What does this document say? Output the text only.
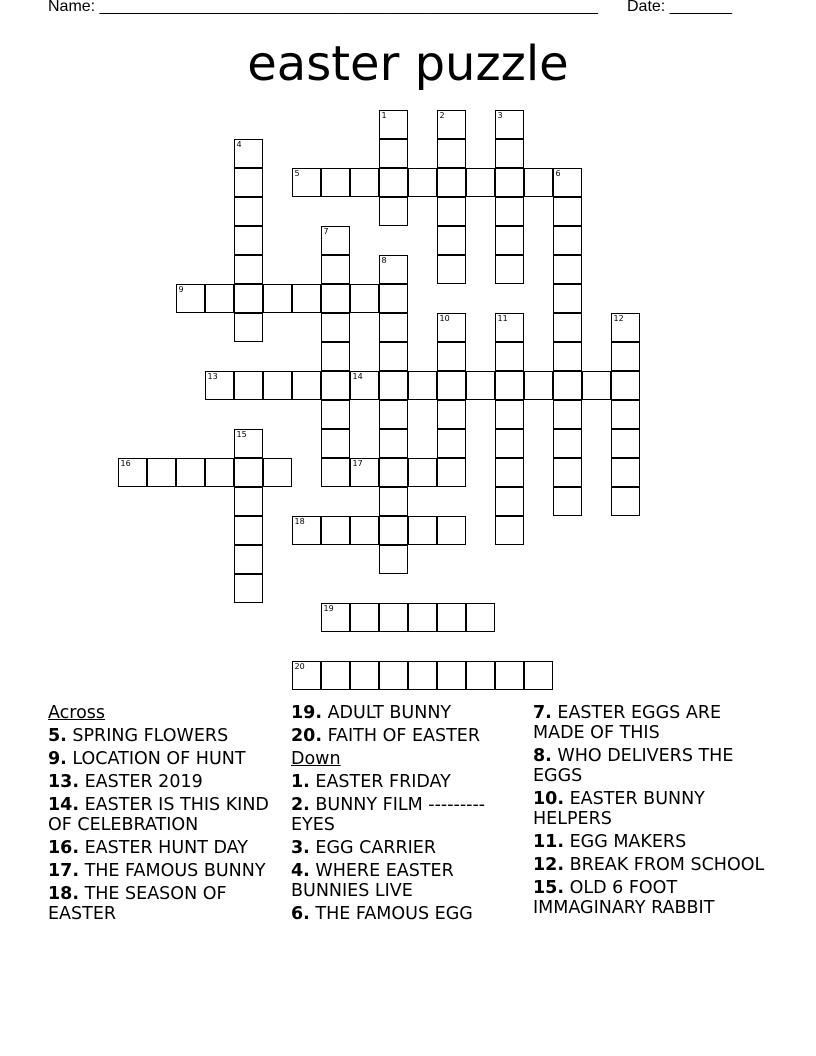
Name: ________________________________________________________ Date: _______
easter puzzle
1	2	3
4
5	6
7
8
9
10	11	12
13	14
15
16	17
18
19
20
Across
5. SPRING FLOWERS
9. LOCATION OF HUNT
13. EASTER 2019
14. EASTER IS THIS KIND OF CELEBRATION
16. EASTER HUNT DAY
17. THE FAMOUS BUNNY
18. THE SEASON OF EASTER
19. ADULT BUNNY
20. FAITH OF EASTER
Down
1. EASTER FRIDAY
2. BUNNY FILM --------- EYES
3. EGG CARRIER
4. WHERE EASTER BUNNIES LIVE
6. THE FAMOUS EGG
7. EASTER EGGS ARE MADE OF THIS
8. WHO DELIVERS THE EGGS
10. EASTER BUNNY HELPERS
11. EGG MAKERS
12. BREAK FROM SCHOOL
15. OLD 6 FOOT IMMAGINARY RABBIT
